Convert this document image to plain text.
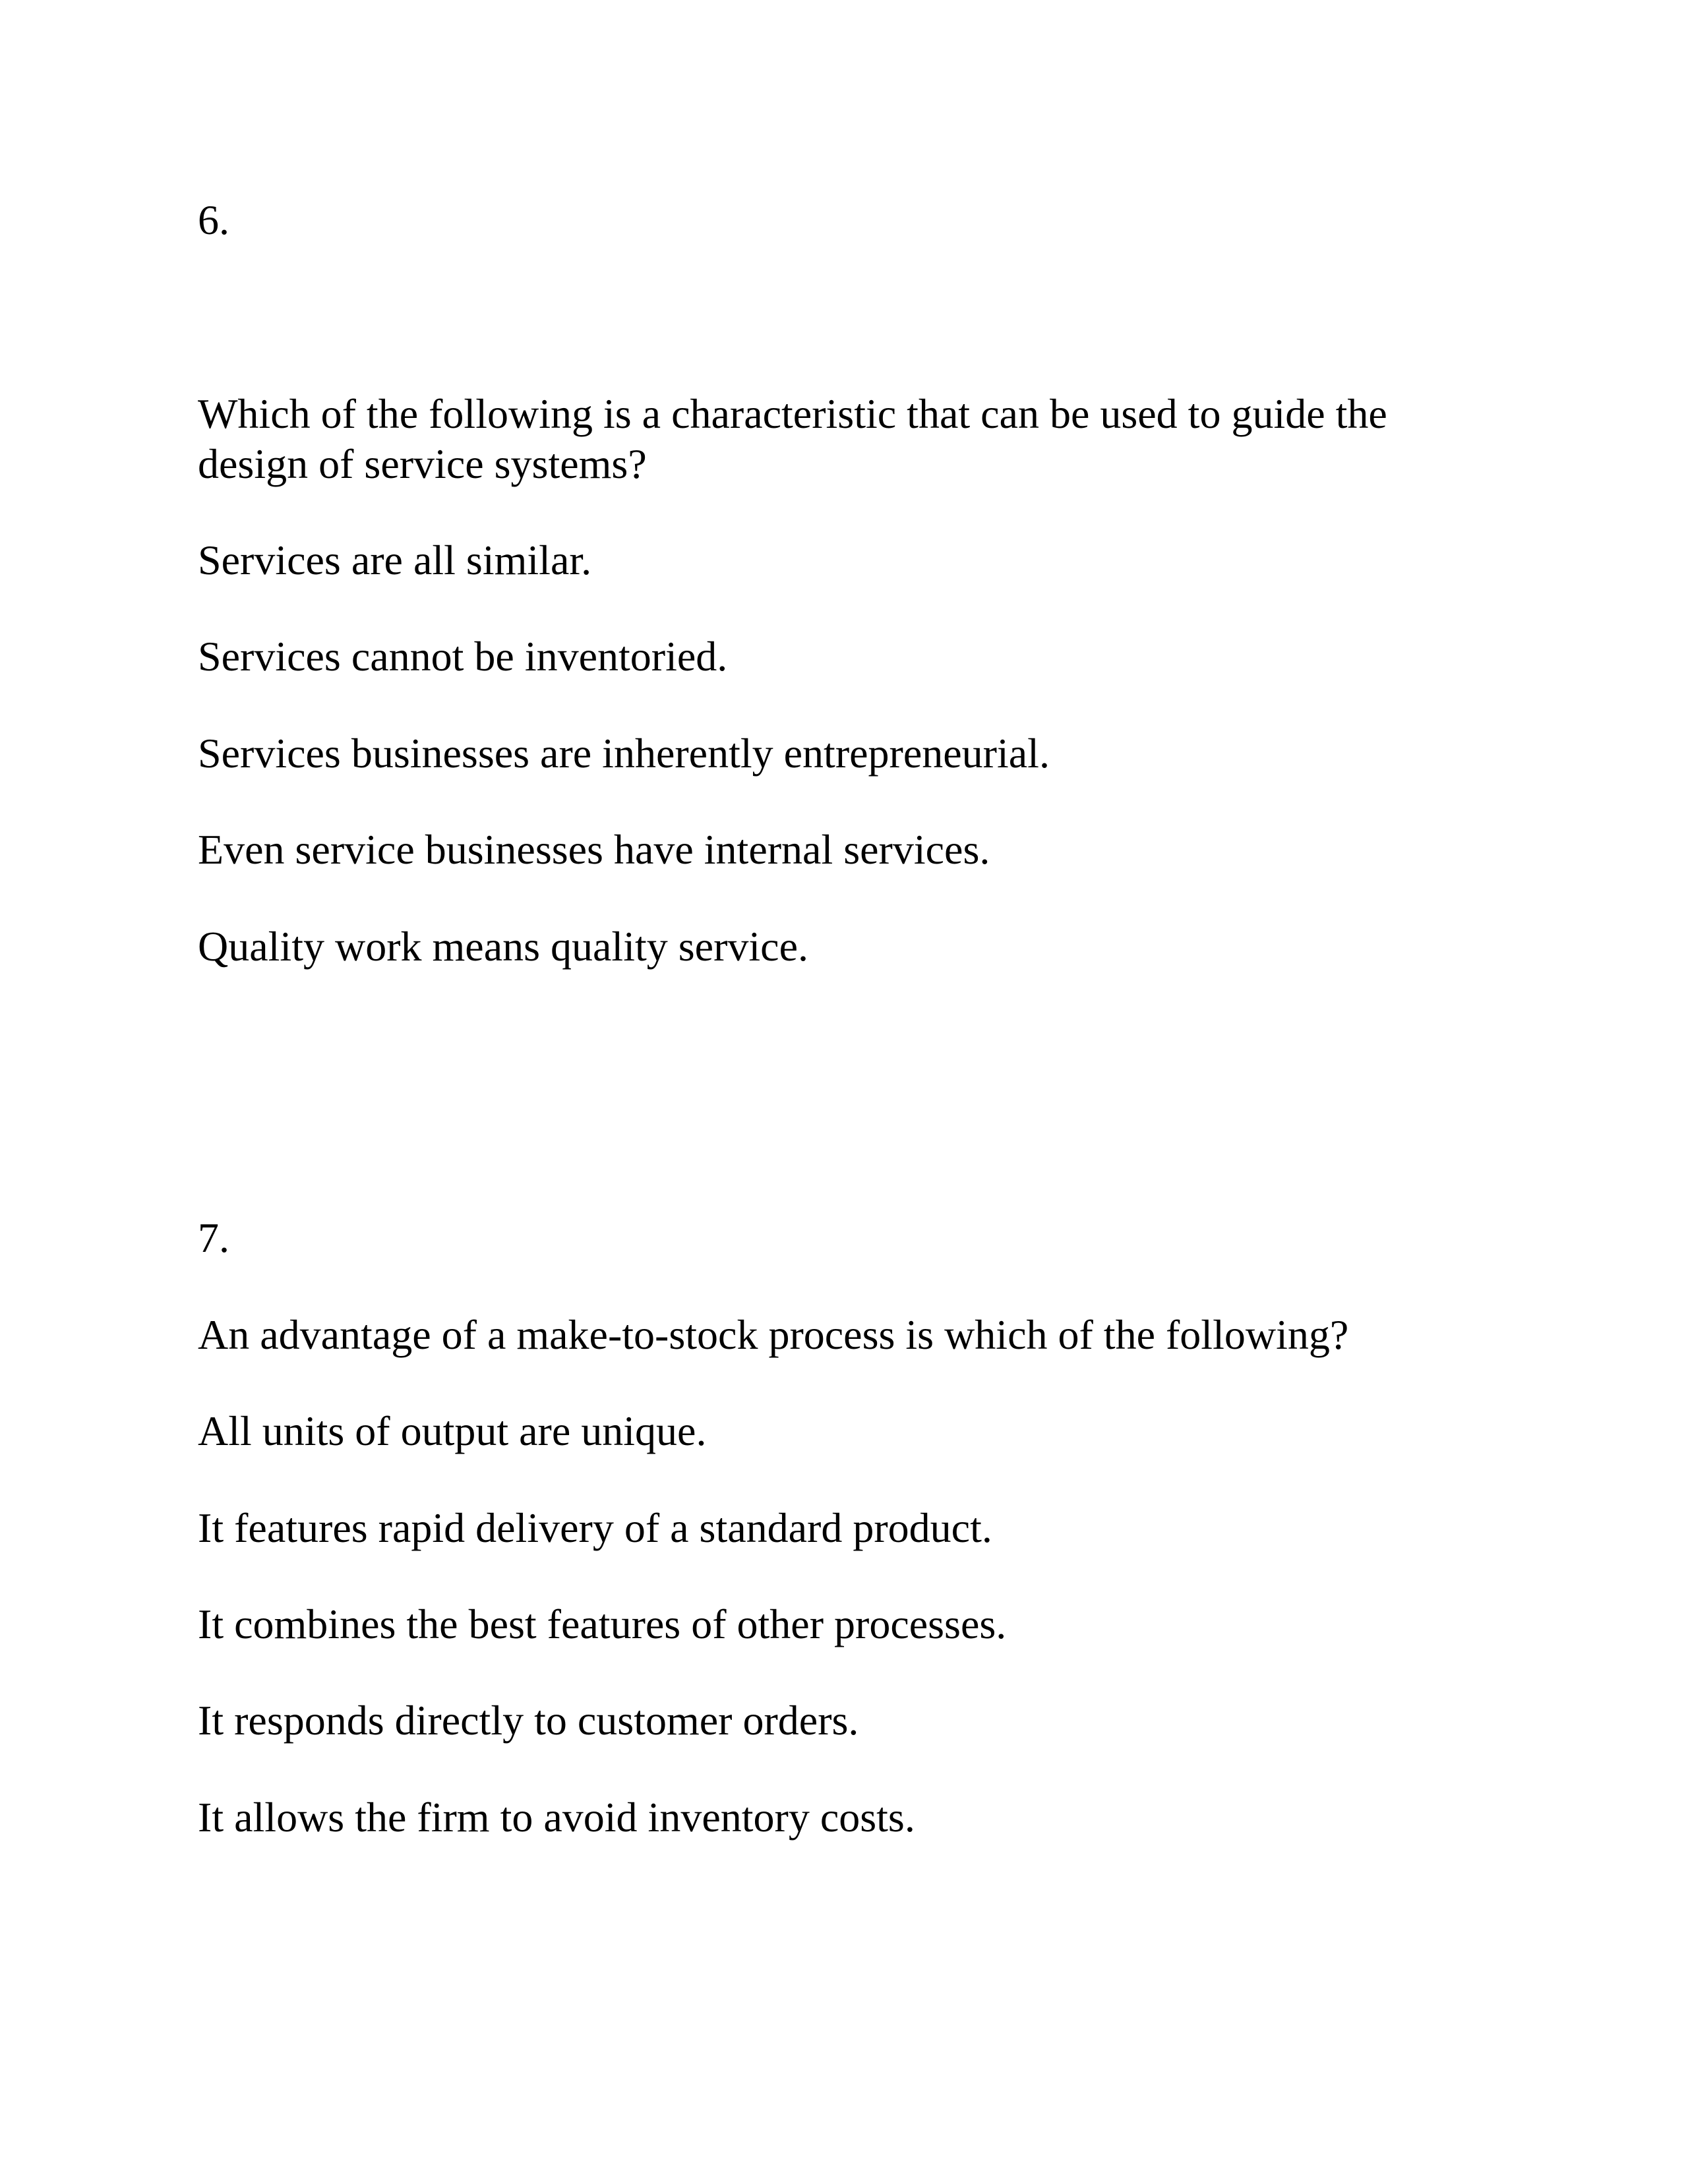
6.

Which of the following is a characteristic that can be used to guide the design of service systems?

Services are all similar.

Services cannot be inventoried.

Services businesses are inherently entrepreneurial.

Even service businesses have internal services.

Quality work means quality service.

7.

An advantage of a make-to-stock process is which of the following?

All units of output are unique.

It features rapid delivery of a standard product.

It combines the best features of other processes.

It responds directly to customer orders.

It allows the firm to avoid inventory costs.
